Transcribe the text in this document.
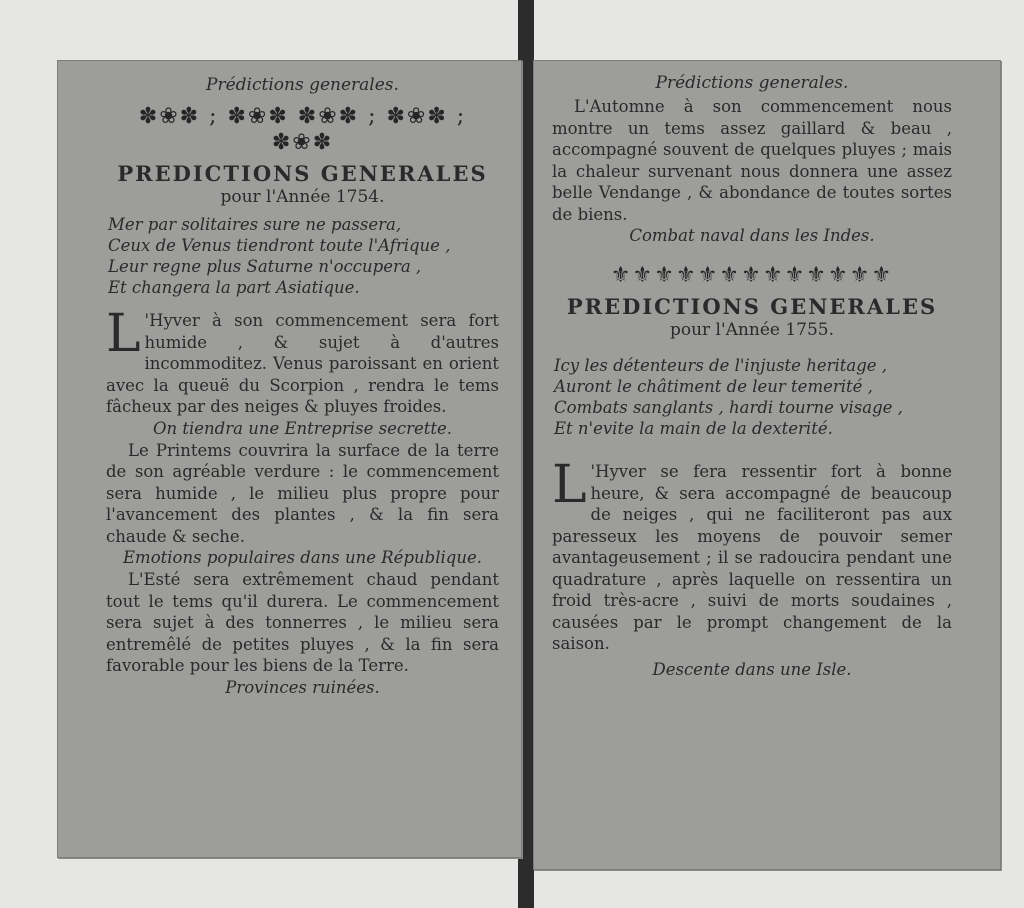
Prédictions generales.
✽❀✽ ; ✽❀✽ ✽❀✽ ; ✽❀✽ ; ✽❀✽
PREDICTIONS GENERALES
pour l'Année 1754.
Mer par solitaires sure ne passera,
Ceux de Venus tiendront toute l'Afrique ,
Leur regne plus Saturne n'occupera ,
Et changera la part Asiatique.

L 'Hyver à son commencement sera fort humide , & sujet à d'autres incommoditez. Venus paroissant en orient avec la queuë du Scorpion , rendra le tems fâcheux par des neiges & pluyes froides.

On tiendra une Entreprise secrette.

Le Printems couvrira la surface de la terre de son agréable verdure : le commencement sera humide , le milieu plus propre pour l'avancement des plantes , & la fin sera chaude & seche.

Emotions populaires dans une République.

L'Esté sera extrêmement chaud pendant tout le tems qu'il durera. Le commencement sera sujet à des tonnerres , le milieu sera entremêlé de petites pluyes , & la fin sera favorable pour les biens de la Terre.

Provinces ruinées.

Prédictions generales.

L'Automne à son commencement nous montre un tems assez gaillard & beau , accompagné souvent de quelques pluyes ; mais la chaleur survenant nous donnera une assez belle Vendange , & abondance de toutes sortes de biens.

Combat naval dans les Indes.

⚜⚜⚜⚜⚜⚜⚜⚜⚜⚜⚜⚜⚜
PREDICTIONS GENERALES
pour l'Année 1755.
Icy les détenteurs de l'injuste heritage ,
Auront le châtiment de leur temerité ,
Combats sanglants , hardi tourne visage ,
Et n'evite la main de la dexterité.

L 'Hyver se fera ressentir fort à bonne heure, & sera accompagné de beaucoup de neiges , qui ne faciliteront pas aux paresseux les moyens de pouvoir semer avantageusement ; il se radoucira pendant une quadrature , après laquelle on ressentira un froid très-acre , suivi de morts soudaines , causées par le prompt changement de la saison.

Descente dans une Isle.
